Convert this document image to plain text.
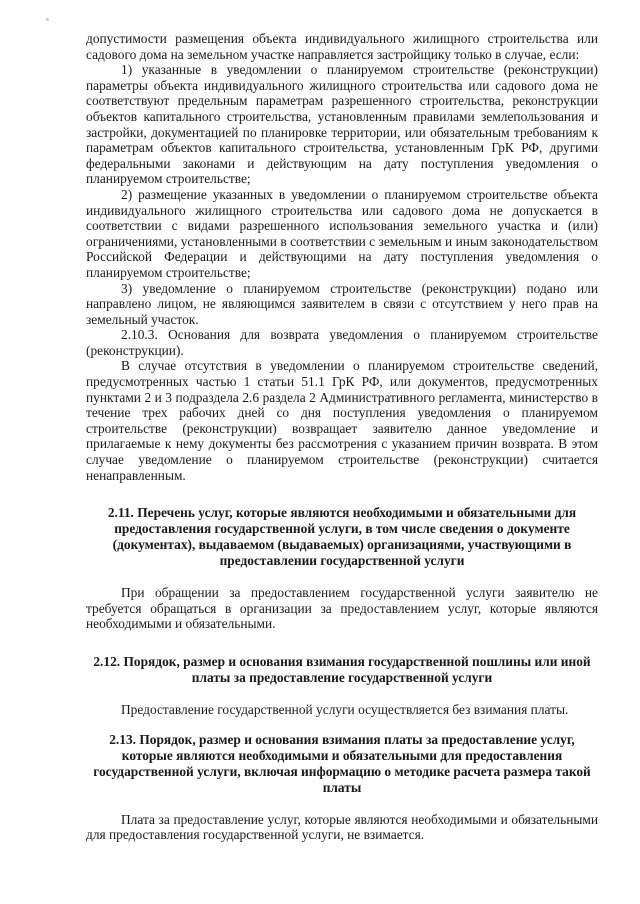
допустимости размещения объекта индивидуального жилищного строительства или садового дома на земельном участке направляется застройщику только в случае, если:

1) указанные в уведомлении о планируемом строительстве (реконструкции) параметры объекта индивидуального жилищного строительства или садового дома не соответствуют предельным параметрам разрешенного строительства, реконструкции объектов капитального строительства, установленным правилами землепользования и застройки, документацией по планировке территории, или обязательным требованиям к параметрам объектов капитального строительства, установленным ГрК РФ, другими федеральными законами и действующим на дату поступления уведомления о планируемом строительстве;

2) размещение указанных в уведомлении о планируемом строительстве объекта индивидуального жилищного строительства или садового дома не допускается в соответствии с видами разрешенного использования земельного участка и (или) ограничениями, установленными в соответствии с земельным и иным законодательством Российской Федерации и действующими на дату поступления уведомления о планируемом строительстве;

3) уведомление о планируемом строительстве (реконструкции) подано или направлено лицом, не являющимся заявителем в связи с отсутствием у него прав на земельный участок.

2.10.3. Основания для возврата уведомления о планируемом строительстве (реконструкции).

В случае отсутствия в уведомлении о планируемом строительстве сведений, предусмотренных частью 1 статьи 51.1 ГрК РФ, или документов, предусмотренных пунктами 2 и 3 подраздела 2.6 раздела 2 Административного регламента, министерство в течение трех рабочих дней со дня поступления уведомления о планируемом строительстве (реконструкции) возвращает заявителю данное уведомление и прилагаемые к нему документы без рассмотрения с указанием причин возврата. В этом случае уведомление о планируемом строительстве (реконструкции) считается ненаправленным.

2.11. Перечень услуг, которые являются необходимыми и обязательными для предоставления государственной услуги, в том числе сведения о документе (документах), выдаваемом (выдаваемых) организациями, участвующими в предоставлении государственной услуги

При обращении за предоставлением государственной услуги заявителю не требуется обращаться в организации за предоставлением услуг, которые являются необходимыми и обязательными.

2.12. Порядок, размер и основания взимания государственной пошлины или иной платы за предоставление государственной услуги

Предоставление государственной услуги осуществляется без взимания платы.

2.13. Порядок, размер и основания взимания платы за предоставление услуг, которые являются необходимыми и обязательными для предоставления государственной услуги, включая информацию о методике расчета размера такой платы

Плата за предоставление услуг, которые являются необходимыми и обязательными для предоставления государственной услуги, не взимается.
